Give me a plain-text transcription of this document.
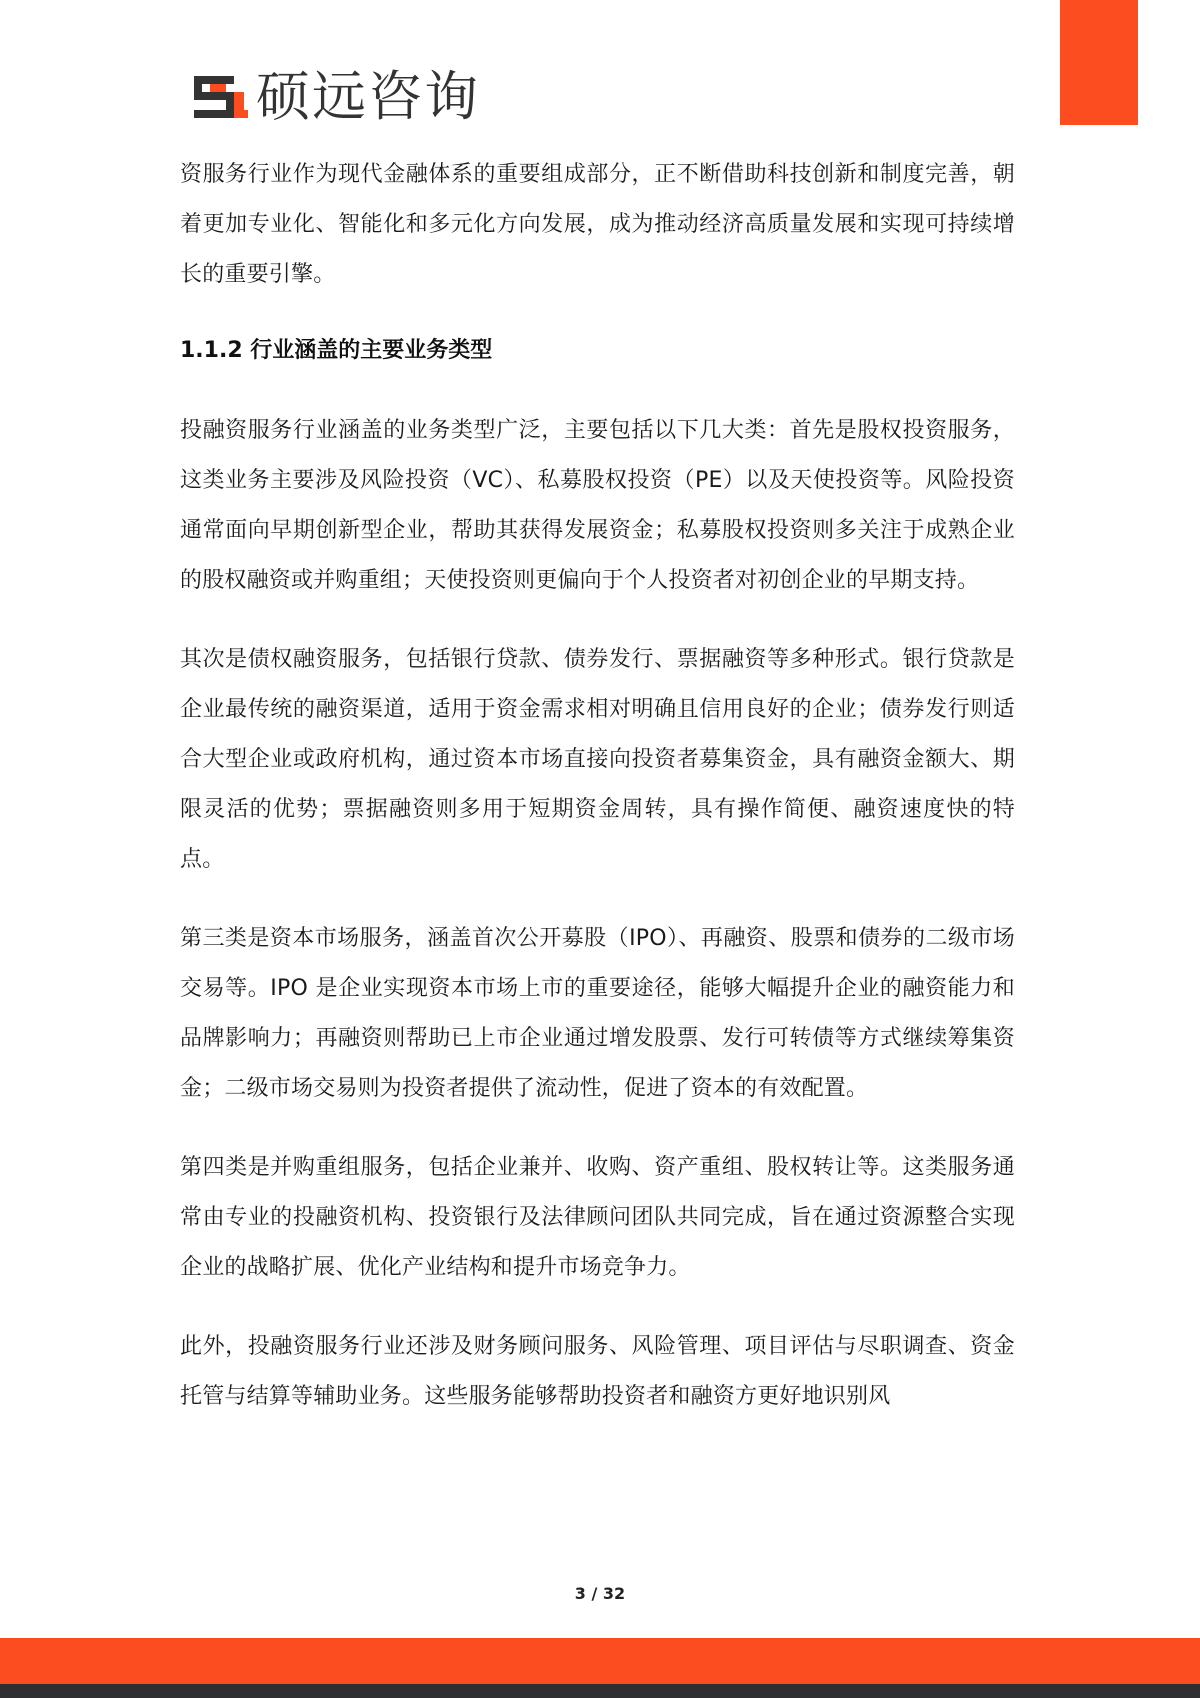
硕远咨询

资服务行业作为现代金融体系的重要组成部分，正不断借助科技创新和制度完善，朝着更加专业化、智能化和多元化方向发展，成为推动经济高质量发展和实现可持续增长的重要引擎。

1.1.2 行业涵盖的主要业务类型

投融资服务行业涵盖的业务类型广泛，主要包括以下几大类：首先是股权投资服务，这类业务主要涉及风险投资（VC）、私募股权投资（PE）以及天使投资等。风险投资通常面向早期创新型企业，帮助其获得发展资金；私募股权投资则多关注于成熟企业的股权融资或并购重组；天使投资则更偏向于个人投资者对初创企业的早期支持。

其次是债权融资服务，包括银行贷款、债券发行、票据融资等多种形式。银行贷款是企业最传统的融资渠道，适用于资金需求相对明确且信用良好的企业；债券发行则适合大型企业或政府机构，通过资本市场直接向投资者募集资金，具有融资金额大、期限灵活的优势；票据融资则多用于短期资金周转，具有操作简便、融资速度快的特点。

第三类是资本市场服务，涵盖首次公开募股（IPO）、再融资、股票和债券的二级市场交易等。IPO 是企业实现资本市场上市的重要途径，能够大幅提升企业的融资能力和品牌影响力；再融资则帮助已上市企业通过增发股票、发行可转债等方式继续筹集资金；二级市场交易则为投资者提供了流动性，促进了资本的有效配置。

第四类是并购重组服务，包括企业兼并、收购、资产重组、股权转让等。这类服务通常由专业的投融资机构、投资银行及法律顾问团队共同完成，旨在通过资源整合实现企业的战略扩展、优化产业结构和提升市场竞争力。

此外，投融资服务行业还涉及财务顾问服务、风险管理、项目评估与尽职调查、资金托管与结算等辅助业务。这些服务能够帮助投资者和融资方更好地识别风

3 / 32
